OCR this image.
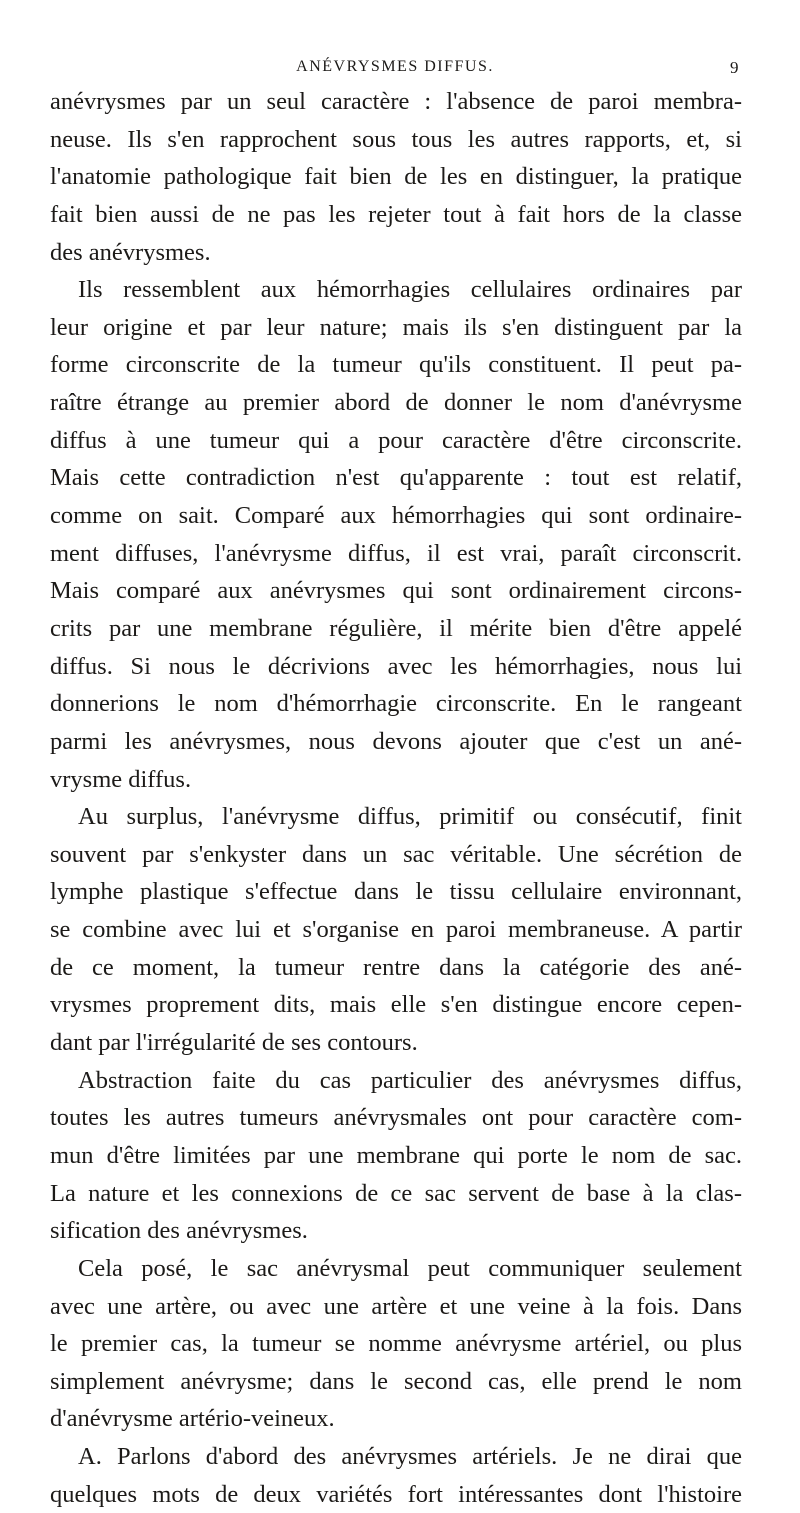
ANÉVRYSMES DIFFUS.	9
anévrysmes par un seul caractère : l'absence de paroi membra-
neuse. Ils s'en rapprochent sous tous les autres rapports, et, si
l'anatomie pathologique fait bien de les en distinguer, la pratique
fait bien aussi de ne pas les rejeter tout à fait hors de la classe
des anévrysmes.
Ils ressemblent aux hémorrhagies cellulaires ordinaires par
leur origine et par leur nature; mais ils s'en distinguent par la
forme circonscrite de la tumeur qu'ils constituent. Il peut pa-
raître étrange au premier abord de donner le nom d'anévrysme
diffus à une tumeur qui a pour caractère d'être circonscrite.
Mais cette contradiction n'est qu'apparente : tout est relatif,
comme on sait. Comparé aux hémorrhagies qui sont ordinaire-
ment diffuses, l'anévrysme diffus, il est vrai, paraît circonscrit.
Mais comparé aux anévrysmes qui sont ordinairement circons-
crits par une membrane régulière, il mérite bien d'être appelé
diffus. Si nous le décrivions avec les hémorrhagies, nous lui
donnerions le nom d'hémorrhagie circonscrite. En le rangeant
parmi les anévrysmes, nous devons ajouter que c'est un ané-
vrysme diffus.
Au surplus, l'anévrysme diffus, primitif ou consécutif, finit
souvent par s'enkyster dans un sac véritable. Une sécrétion de
lymphe plastique s'effectue dans le tissu cellulaire environnant,
se combine avec lui et s'organise en paroi membraneuse. A partir
de ce moment, la tumeur rentre dans la catégorie des ané-
vrysmes proprement dits, mais elle s'en distingue encore cepen-
dant par l'irrégularité de ses contours.
Abstraction faite du cas particulier des anévrysmes diffus,
toutes les autres tumeurs anévrysmales ont pour caractère com-
mun d'être limitées par une membrane qui porte le nom de sac.
La nature et les connexions de ce sac servent de base à la clas-
sification des anévrysmes.
Cela posé, le sac anévrysmal peut communiquer seulement
avec une artère, ou avec une artère et une veine à la fois. Dans
le premier cas, la tumeur se nomme anévrysme artériel, ou plus
simplement anévrysme; dans le second cas, elle prend le nom
d'anévrysme artério-veineux.
A. Parlons d'abord des anévrysmes artériels. Je ne dirai que
quelques mots de deux variétés fort intéressantes dont l'histoire
